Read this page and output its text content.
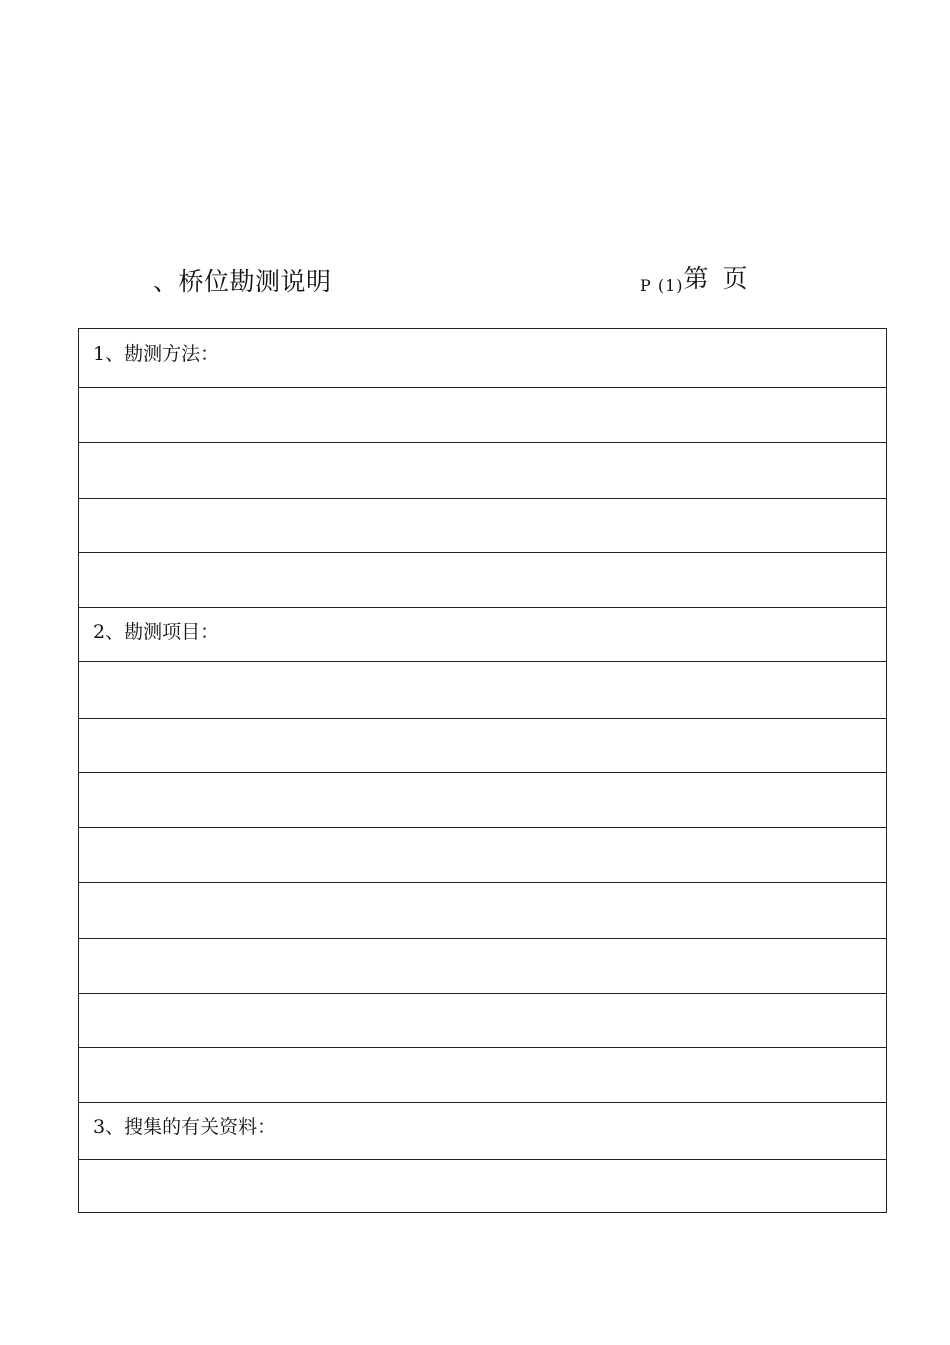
、桥位勘测说明	P (1) 第 页
1、勘测方法：
2、勘测项目：
3、搜集的有关资料：
